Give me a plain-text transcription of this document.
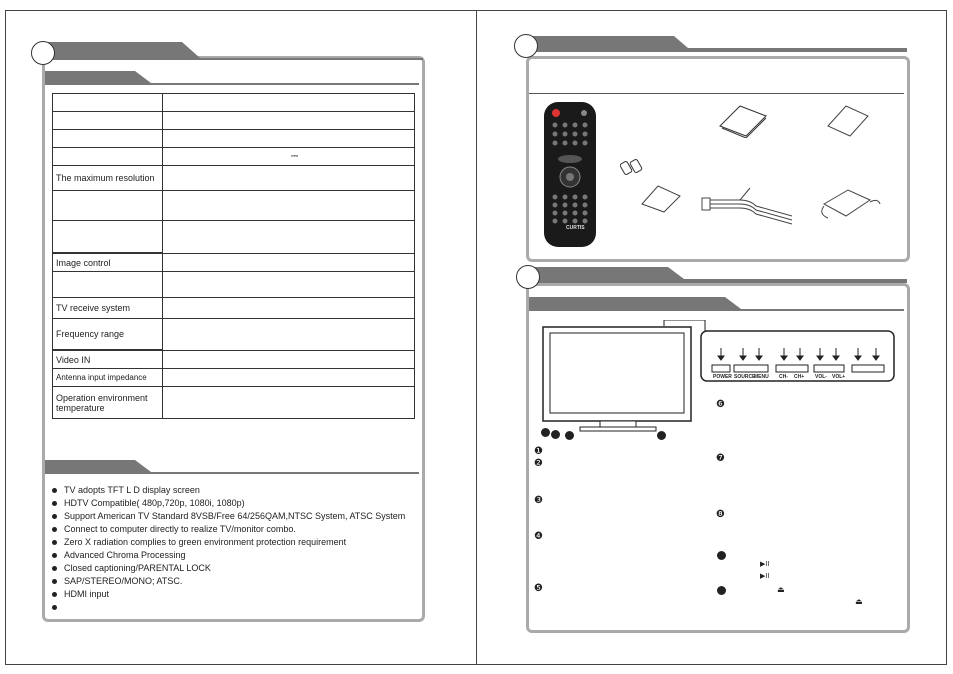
	⎓
The maximum resolution	

Image control	

TV receive system	
Frequency range	
Video IN	
Antenna input impedance	
Operation environment temperature	
TV adopts TFT L D display screen
HDTV Compatible( 480p,720p, 1080i, 1080p)
Support American TV Standard 8VSB/Free 64/256QAM,NTSC System, ATSC System
Connect to computer directly to realize TV/monitor combo.
Zero X radiation complies to green environment protection requirement
Advanced Chroma Processing
Closed captioning/PARENTAL LOCK
SAP/STEREO/MONO; ATSC.
HDMI input
CURTIS
POWER SOURCE
MENU CH- CH+ VOL- VOL+
❶
❷
❸
❹
❺
❻
❼
❽
▶II
▶II
⏏
⏏
